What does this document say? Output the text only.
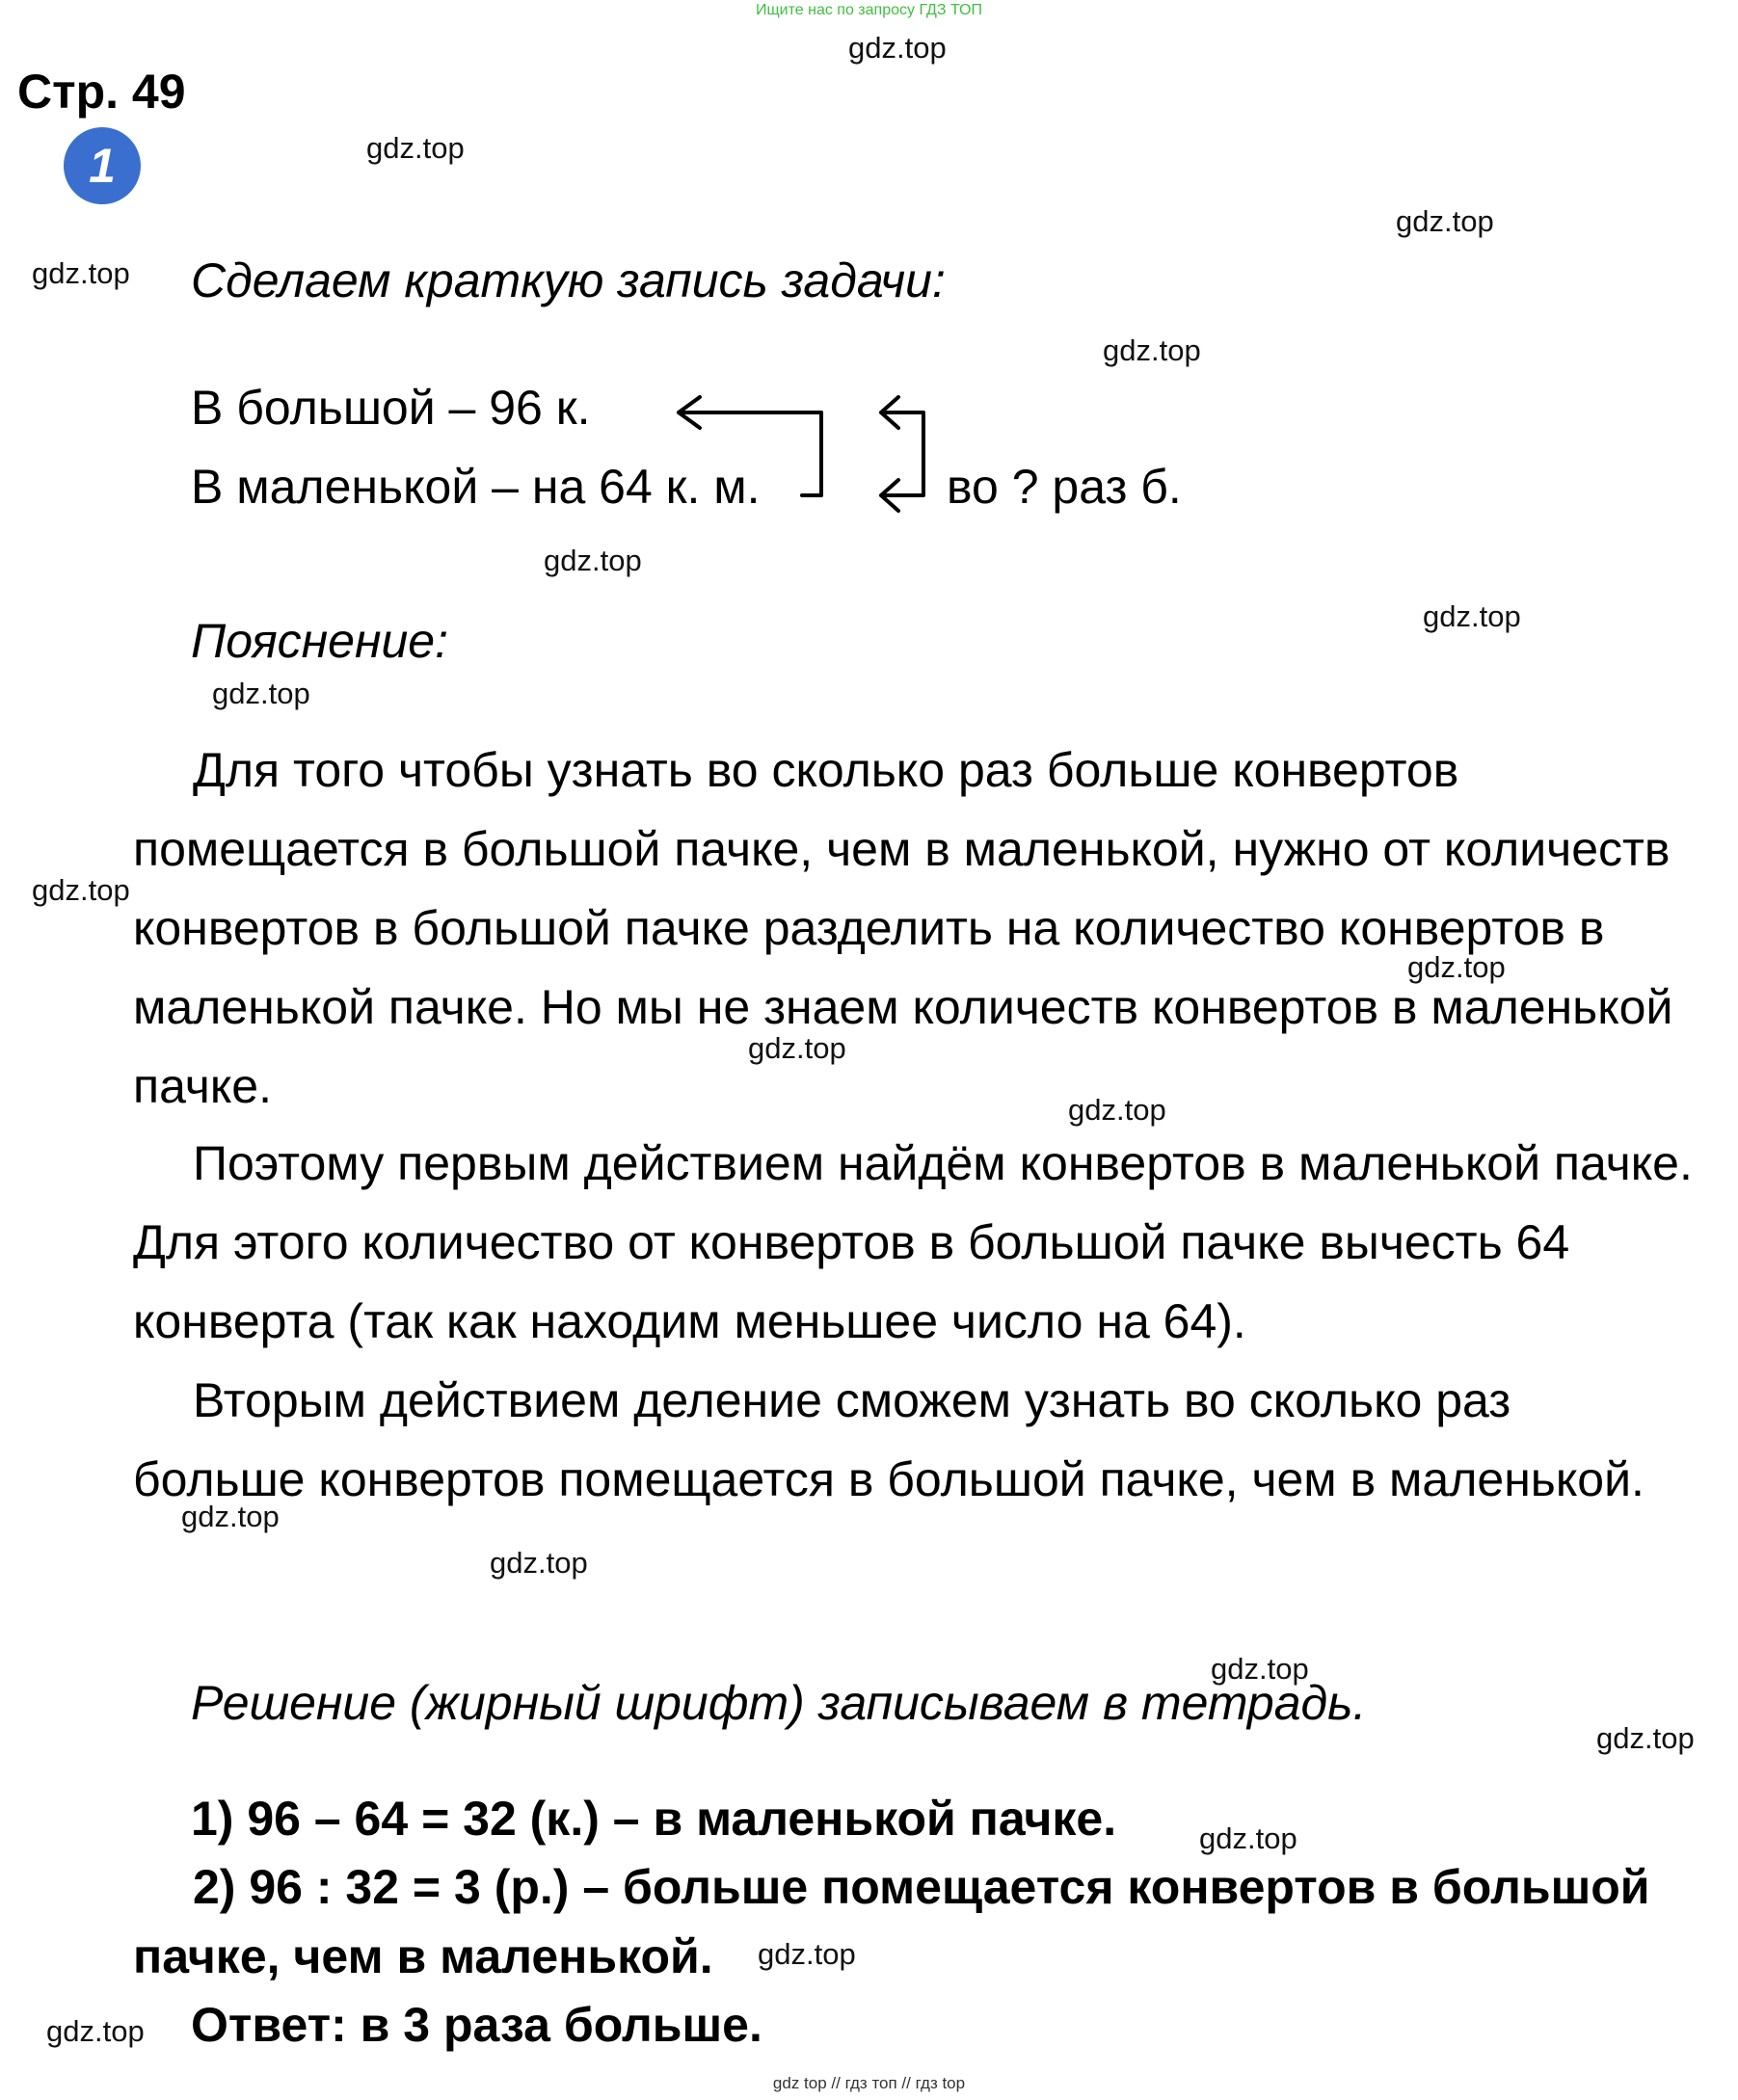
Ищите нас по запросу ГДЗ ТОП
Стр. 49
1
gdz.top
gdz.top
gdz.top
gdz.top
gdz.top
gdz.top
gdz.top
gdz.top
gdz.top
gdz.top
gdz.top
gdz.top
gdz.top
gdz.top
gdz.top
gdz.top
gdz.top
gdz.top
gdz.top
Сделаем краткую запись задачи:
В большой – 96 к.
В маленькой – на 64 к. м.	во ? раз б.
Пояснение:
Для того чтобы узнать во сколько раз больше конвертов помещается в большой пачке, чем в маленькой, нужно от количеств конвертов в большой пачке разделить на количество конвертов в маленькой пачке. Но мы не знаем количеств конвертов в маленькой пачке.
Поэтому первым действием найдём конвертов в маленькой пачке. Для этого количество от конвертов в большой пачке вычесть 64 конверта (так как находим меньшее число на 64).
Вторым действием деление сможем узнать во сколько раз больше конвертов помещается в большой пачке, чем в маленькой.
Решение (жирный шрифт) записываем в тетрадь.
1) 96 – 64 = 32 (к.) – в маленькой пачке.
2) 96 : 32 = 3 (р.) – больше помещается конвертов в большой пачке, чем в маленькой.
Ответ: в 3 раза больше.
gdz top // гдз топ // гдз top
